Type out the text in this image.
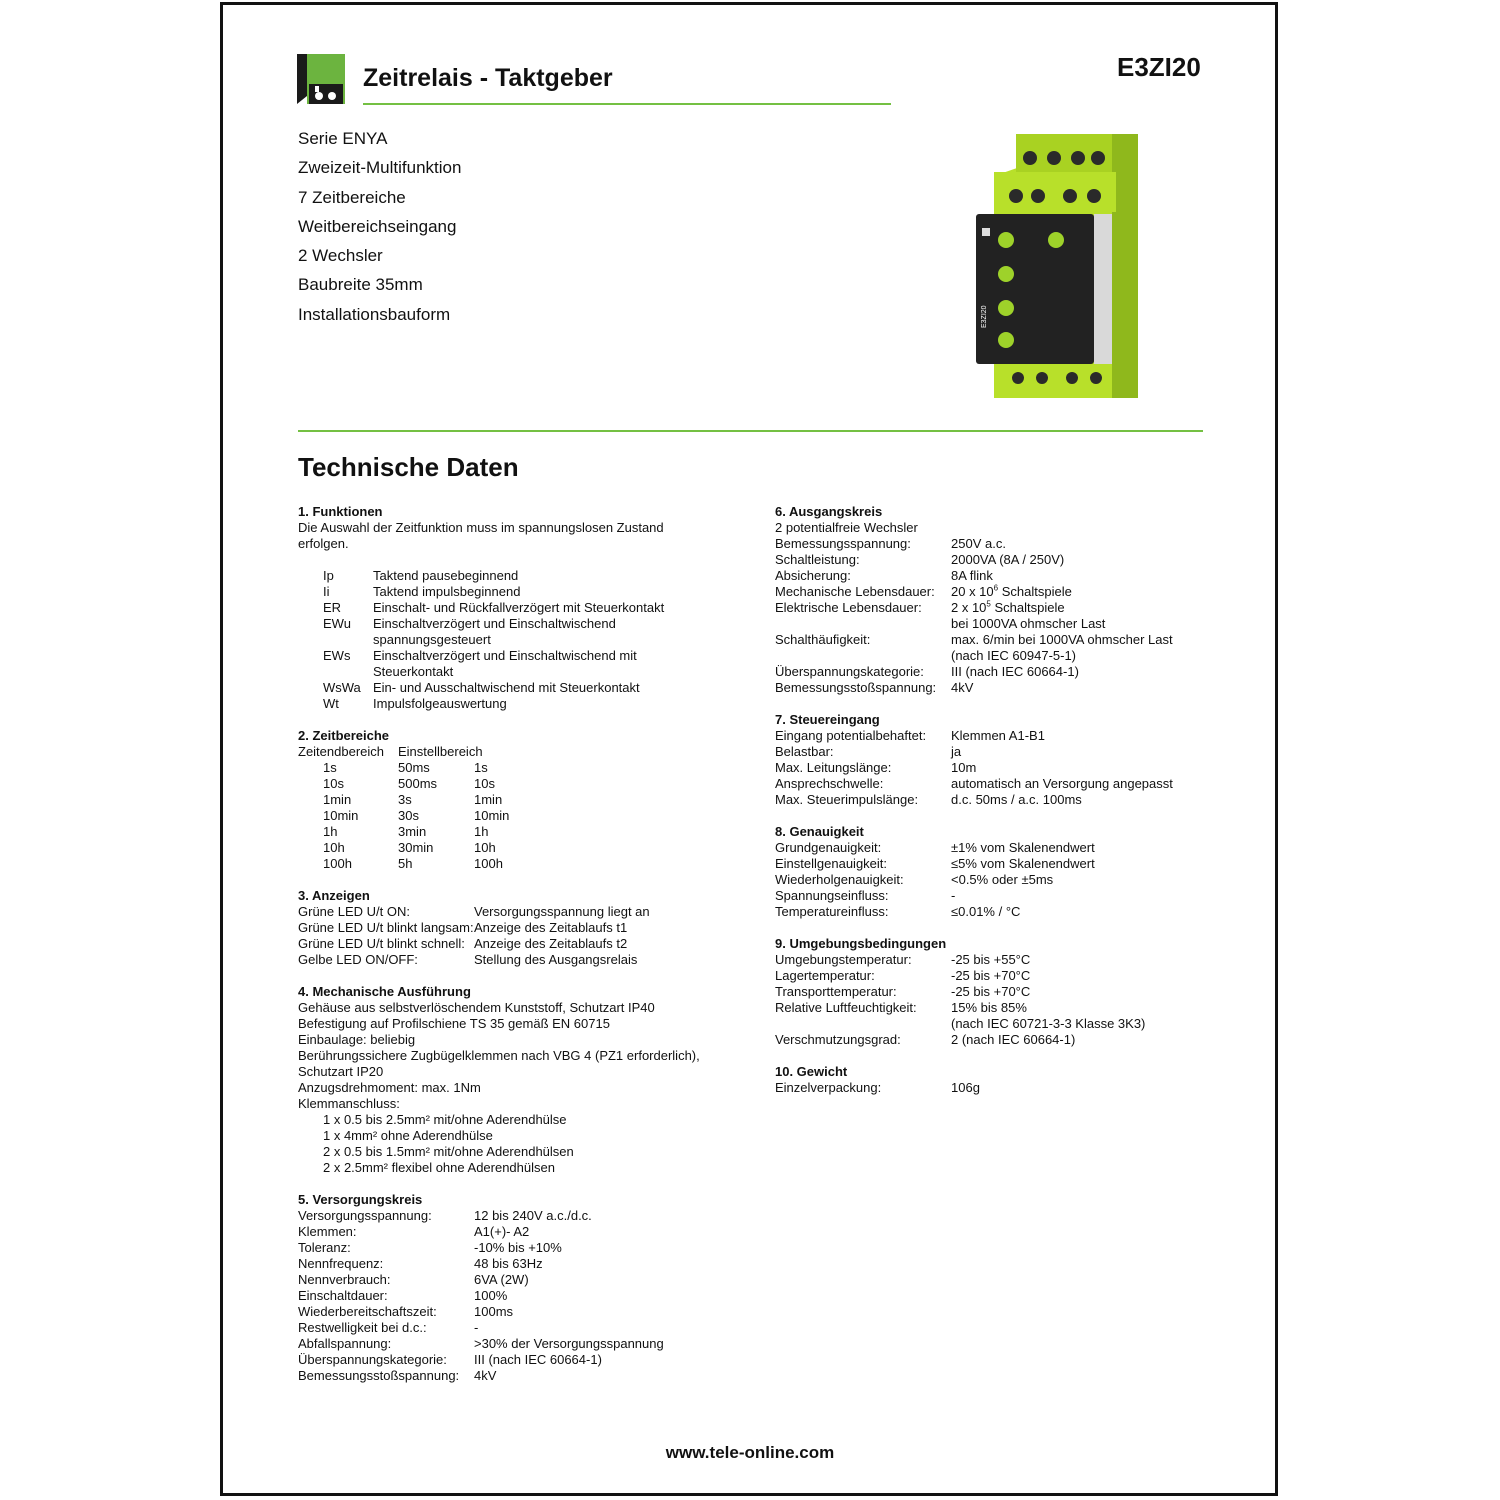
Zeitrelais - Taktgeber	E3ZI20
Serie ENYA
Zweizeit-Multifunktion
7 Zeitbereiche
Weitbereichseingang
2 Wechsler
Baubreite 35mm
Installationsbauform	E3ZI20
Technische Daten
1. Funktionen
Die Auswahl der Zeitfunktion muss im spannungslosen Zustand
erfolgen.
Ip	Taktend pausebeginnend
Ii	Taktend impulsbeginnend
ER	Einschalt- und Rückfallverzögert mit Steuerkontakt
EWu	Einschaltverzögert und Einschaltwischend spannungsgesteuert
EWs	Einschaltverzögert und Einschaltwischend mit Steuerkontakt
WsWa Ein- und Ausschaltwischend mit Steuerkontakt
Wt	Impulsfolgeauswertung
2. Zeitbereiche
Zeitendbereich	Einstellbereich
1s	50ms	1s
10s	500ms	10s
1min	3s	1min
10min	30s	10min
1h	3min	1h
10h	30min	10h
100h	5h	100h
3. Anzeigen
Grüne LED U/t ON:	Versorgungsspannung liegt an
Grüne LED U/t blinkt langsam: Anzeige des Zeitablaufs t1
Grüne LED U/t blinkt schnell: Anzeige des Zeitablaufs t2
Gelbe LED ON/OFF:	Stellung des Ausgangsrelais
4. Mechanische Ausführung
Gehäuse aus selbstverlöschendem Kunststoff, Schutzart IP40
Befestigung auf Profilschiene TS 35 gemäß EN 60715
Einbaulage: beliebig
Berührungssichere Zugbügelklemmen nach VBG 4 (PZ1 erforderlich),
Schutzart IP20
Anzugsdrehmoment: max. 1Nm
Klemmanschluss:
1 x 0.5 bis 2.5mm² mit/ohne Aderendhülse
1 x 4mm² ohne Aderendhülse
2 x 0.5 bis 1.5mm² mit/ohne Aderendhülsen
2 x 2.5mm² flexibel ohne Aderendhülsen
5. Versorgungskreis
Versorgungsspannung:	12 bis 240V a.c./d.c.
Klemmen:	A1(+)- A2
Toleranz:	-10% bis +10%
Nennfrequenz:	48 bis 63Hz
Nennverbrauch:	6VA (2W)
Einschaltdauer:	100%
Wiederbereitschaftszeit:	100ms
Restwelligkeit bei d.c.:	-
Abfallspannung:	>30% der Versorgungsspannung
Überspannungskategorie:	III (nach IEC 60664-1)
Bemessungsstoßspannung:	4kV
6. Ausgangskreis
2 potentialfreie Wechsler
Bemessungsspannung:	250V a.c.
Schaltleistung:	2000VA (8A / 250V)
Absicherung:	8A flink
Mechanische Lebensdauer:	20 x $10^6$ Schaltspiele
Elektrische Lebensdauer:	2 x $10^5$ Schaltspiele
bei 1000VA ohmscher Last
Schalthäufigkeit:	max. 6/min bei 1000VA ohmscher Last
(nach IEC 60947-5-1)
Überspannungskategorie:	III (nach IEC 60664-1)
Bemessungsstoßspannung:	4kV
7. Steuereingang
Eingang potentialbehaftet:	Klemmen A1-B1
Belastbar:	ja
Max. Leitungslänge:	10m
Ansprechschwelle:	automatisch an Versorgung angepasst
Max. Steuerimpulslänge:	d.c. 50ms / a.c. 100ms
8. Genauigkeit
Grundgenauigkeit:	±1% vom Skalenendwert
Einstellgenauigkeit:	≤5% vom Skalenendwert
Wiederholgenauigkeit:	<0.5% oder ±5ms
Spannungseinfluss:	-
Temperatureinfluss:	≤0.01% / °C
9. Umgebungsbedingungen
Umgebungstemperatur:	-25 bis +55°C
Lagertemperatur:	-25 bis +70°C
Transporttemperatur:	-25 bis +70°C
Relative Luftfeuchtigkeit:	15% bis 85%
(nach IEC 60721-3-3 Klasse 3K3)
Verschmutzungsgrad:	2 (nach IEC 60664-1)
10. Gewicht
Einzelverpackung:	106g
www.tele-online.com
